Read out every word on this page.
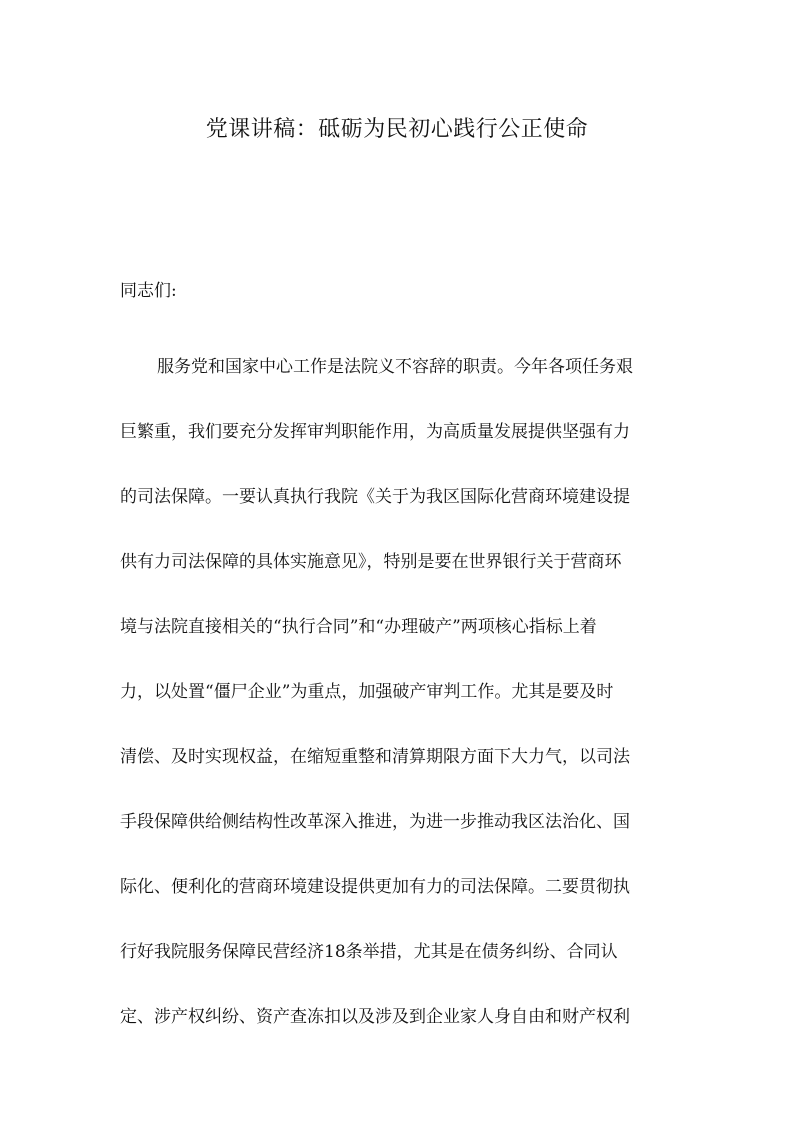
党课讲稿：砥砺为民初心践行公正使命
同志们:
服务党和国家中心工作是法院义不容辞的职责。今年各项任务艰
巨繁重，我们要充分发挥审判职能作用，为高质量发展提供坚强有力
的司法保障。一要认真执行我院《关于为我区国际化营商环境建设提
供有力司法保障的具体实施意见》，特别是要在世界银行关于营商环
境与法院直接相关的“执行合同”和“办理破产”两项核心指标上着
力，以处置“僵尸企业”为重点，加强破产审判工作。尤其是要及时
清偿、及时实现权益，在缩短重整和清算期限方面下大力气，以司法
手段保障供给侧结构性改革深入推进，为进一步推动我区法治化、国
际化、便利化的营商环境建设提供更加有力的司法保障。二要贯彻执
行好我院服务保障民营经济18条举措，尤其是在债务纠纷、合同认
定、涉产权纠纷、资产查冻扣以及涉及到企业家人身自由和财产权利
